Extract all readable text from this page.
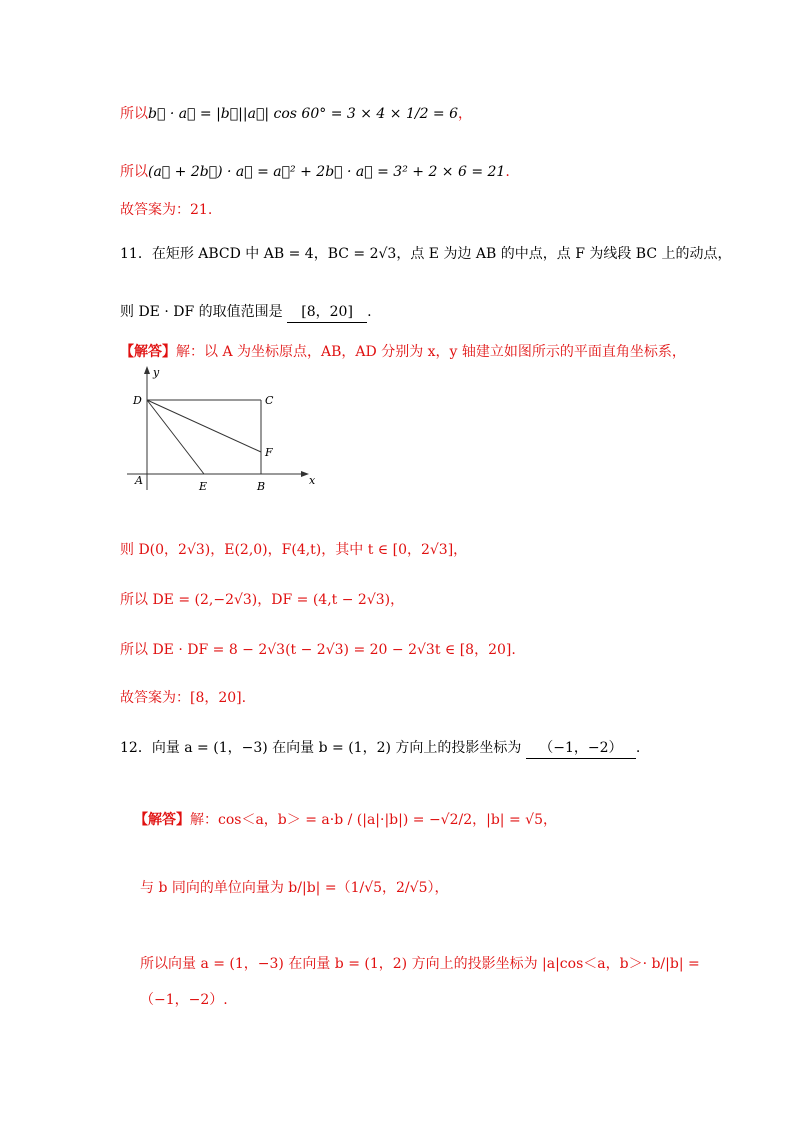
所以b⃗ · a⃗ = |b⃗||a⃗| cos 60° = 3 × 4 × 1/2 = 6，
所以(a⃗ + 2b⃗) · a⃗ = a⃗² + 2b⃗ · a⃗ = 3² + 2 × 6 = 21.
故答案为：21.
11．在矩形 ABCD 中 AB = 4，BC = 2√3，点 E 为边 AB 的中点，点 F 为线段 BC 上的动点，
则 DE · DF 的取值范围是 [8，20] .
【解答】解：以 A 为坐标原点，AB，AD 分别为 x，y 轴建立如图所示的平面直角坐标系，
y
x
D	C
F
A	E	B
则 D(0，2√3)，E(2,0)，F(4,t)，其中 t ∈ [0，2√3]，
所以 DE = (2,−2√3)，DF = (4,t − 2√3)，
所以 DE · DF = 8 − 2√3(t − 2√3) = 20 − 2√3t ∈ [8，20].
故答案为：[8，20].
12．向量 a = (1，−3) 在向量 b = (1，2) 方向上的投影坐标为 （−1，−2） .
【解答】解：cos＜a，b＞ = a·b / (|a|·|b|) = −√2/2，|b| = √5，
与 b 同向的单位向量为 b/|b| =（1/√5，2/√5），
所以向量 a = (1，−3) 在向量 b = (1，2) 方向上的投影坐标为 |a|cos＜a，b＞· b/|b| =
（−1，−2）.
